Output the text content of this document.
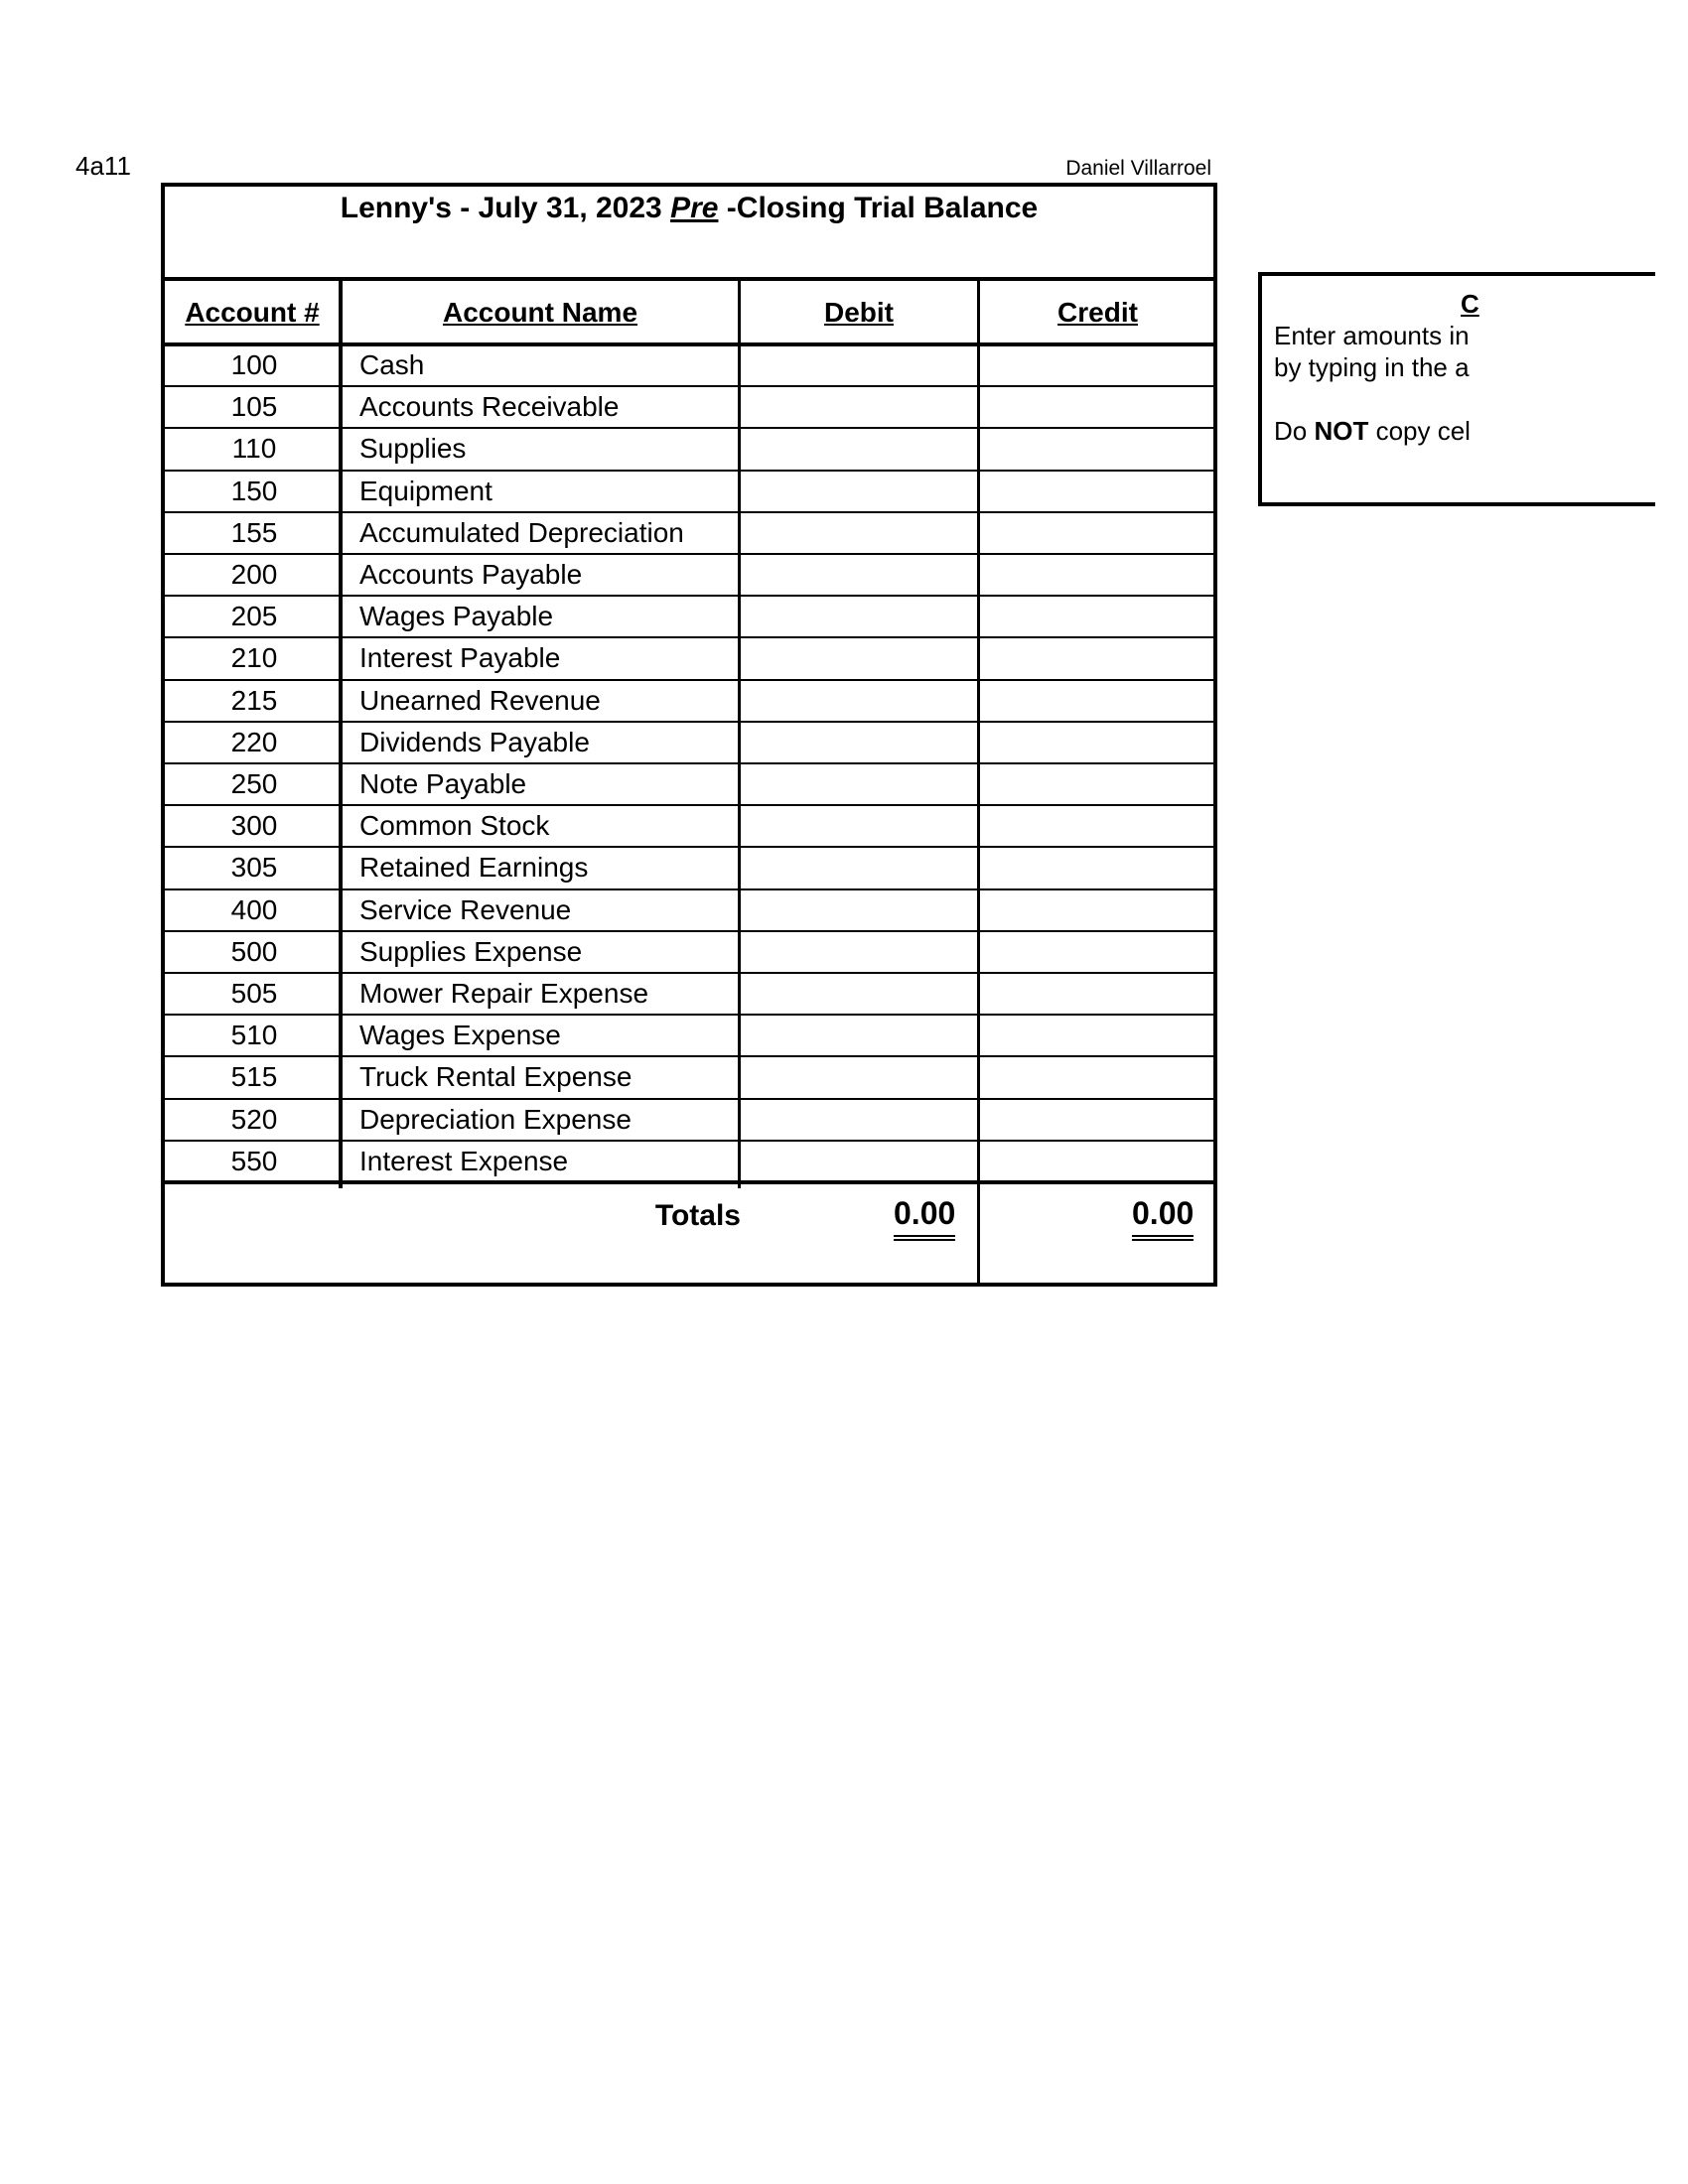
4a11	Daniel Villarroel
Lenny's - July 31, 2023 Pre -Closing Trial Balance
Account #	Account Name	Debit	Credit
100	Cash
105	Accounts Receivable
110	Supplies
150	Equipment
155	Accumulated Depreciation
200	Accounts Payable
205	Wages Payable
210	Interest Payable
215	Unearned Revenue
220	Dividends Payable
250	Note Payable
300	Common Stock
305	Retained Earnings
400	Service Revenue
500	Supplies Expense
505	Mower Repair Expense
510	Wages Expense
515	Truck Rental Expense
520	Depreciation Expense
550	Interest Expense
Totals	0.00	0.00
C
Enter amounts in
by typing in the a
Do NOT copy cel
